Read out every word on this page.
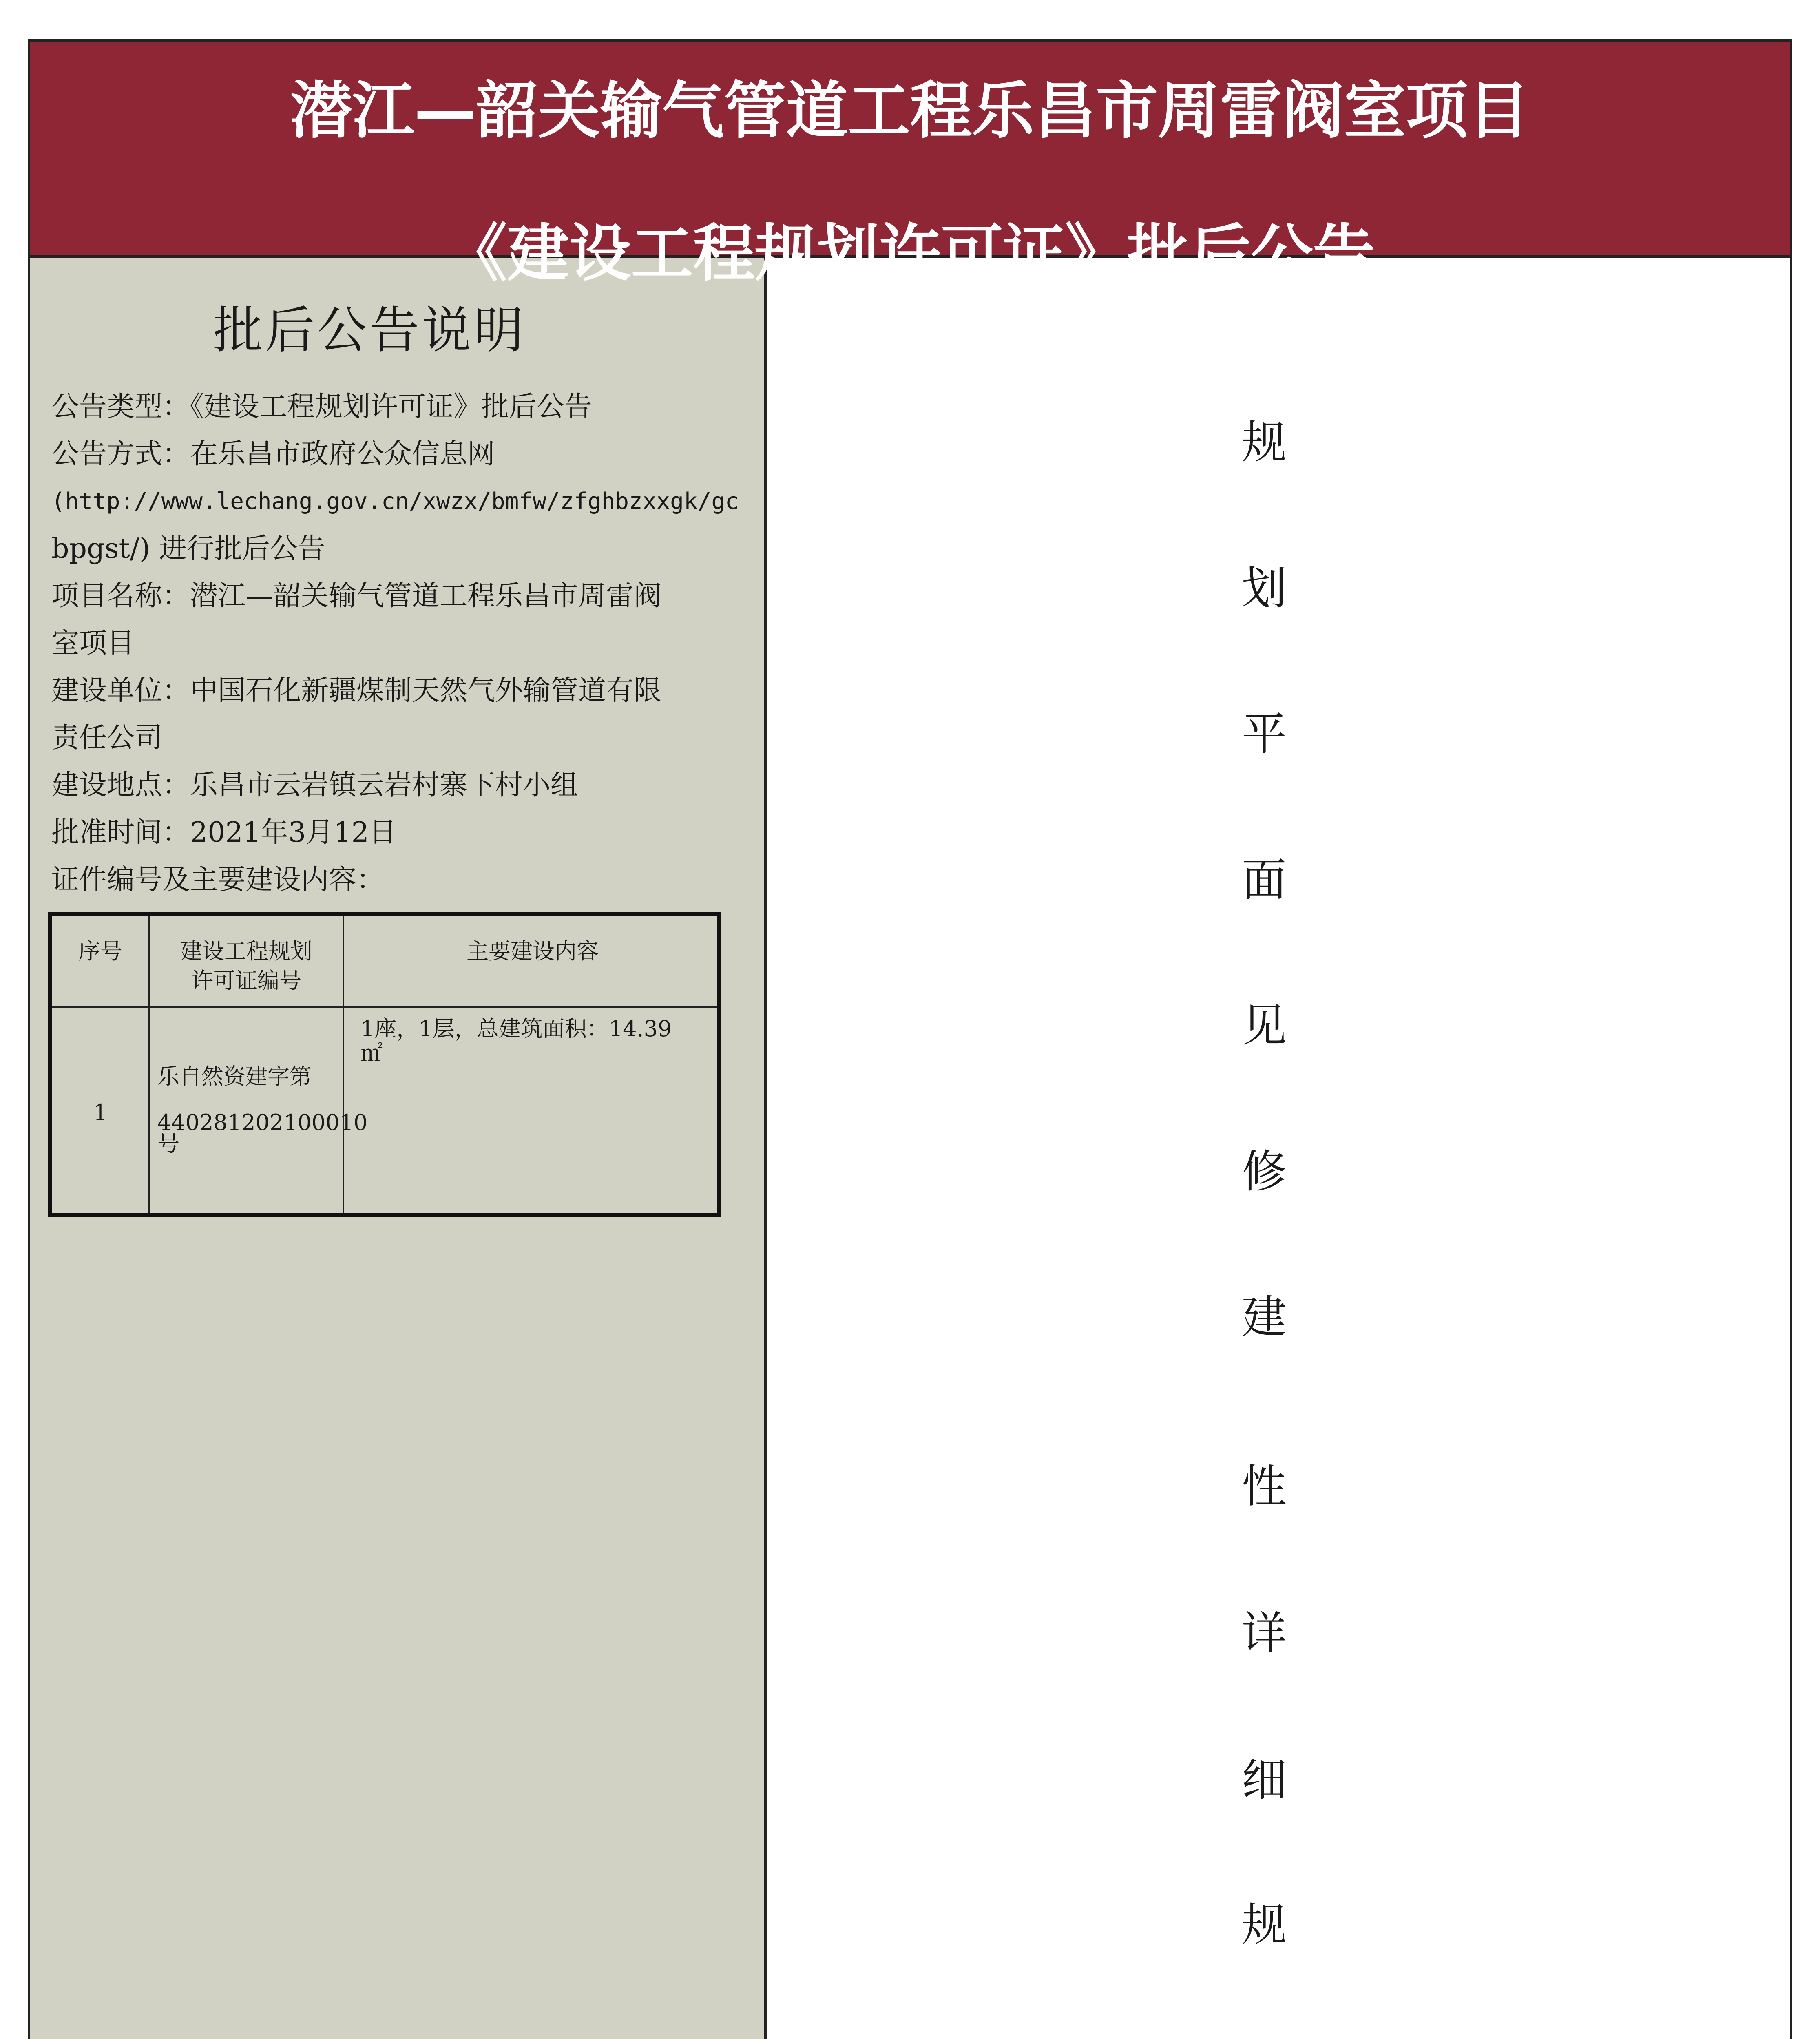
潜江—韶关输气管道工程乐昌市周雷阀室项目
《建设工程规划许可证》批后公告
批后公告说明

公告类型：《建设工程规划许可证》批后公告

公告方式：在乐昌市政府公众信息网

(http://www.lechang.gov.cn/xwzx/bmfw/zfghbzxxgk/gc

bpgst/) 进行批后公告

项目名称：潜江—韶关输气管道工程乐昌市周雷阀

室项目

建设单位：中国石化新疆煤制天然气外输管道有限

责任公司

建设地点：乐昌市云岩镇云岩村寨下村小组

批准时间：2021年3月12日

证件编号及主要建设内容：

序号	建设工程规划
许可证编号
主要建设内容
1
乐自然资建字第
440281202100010
号
1座，1层，总建筑面积：14.39
㎡
规
划
平
面
见
修
建
性
详
细
规
